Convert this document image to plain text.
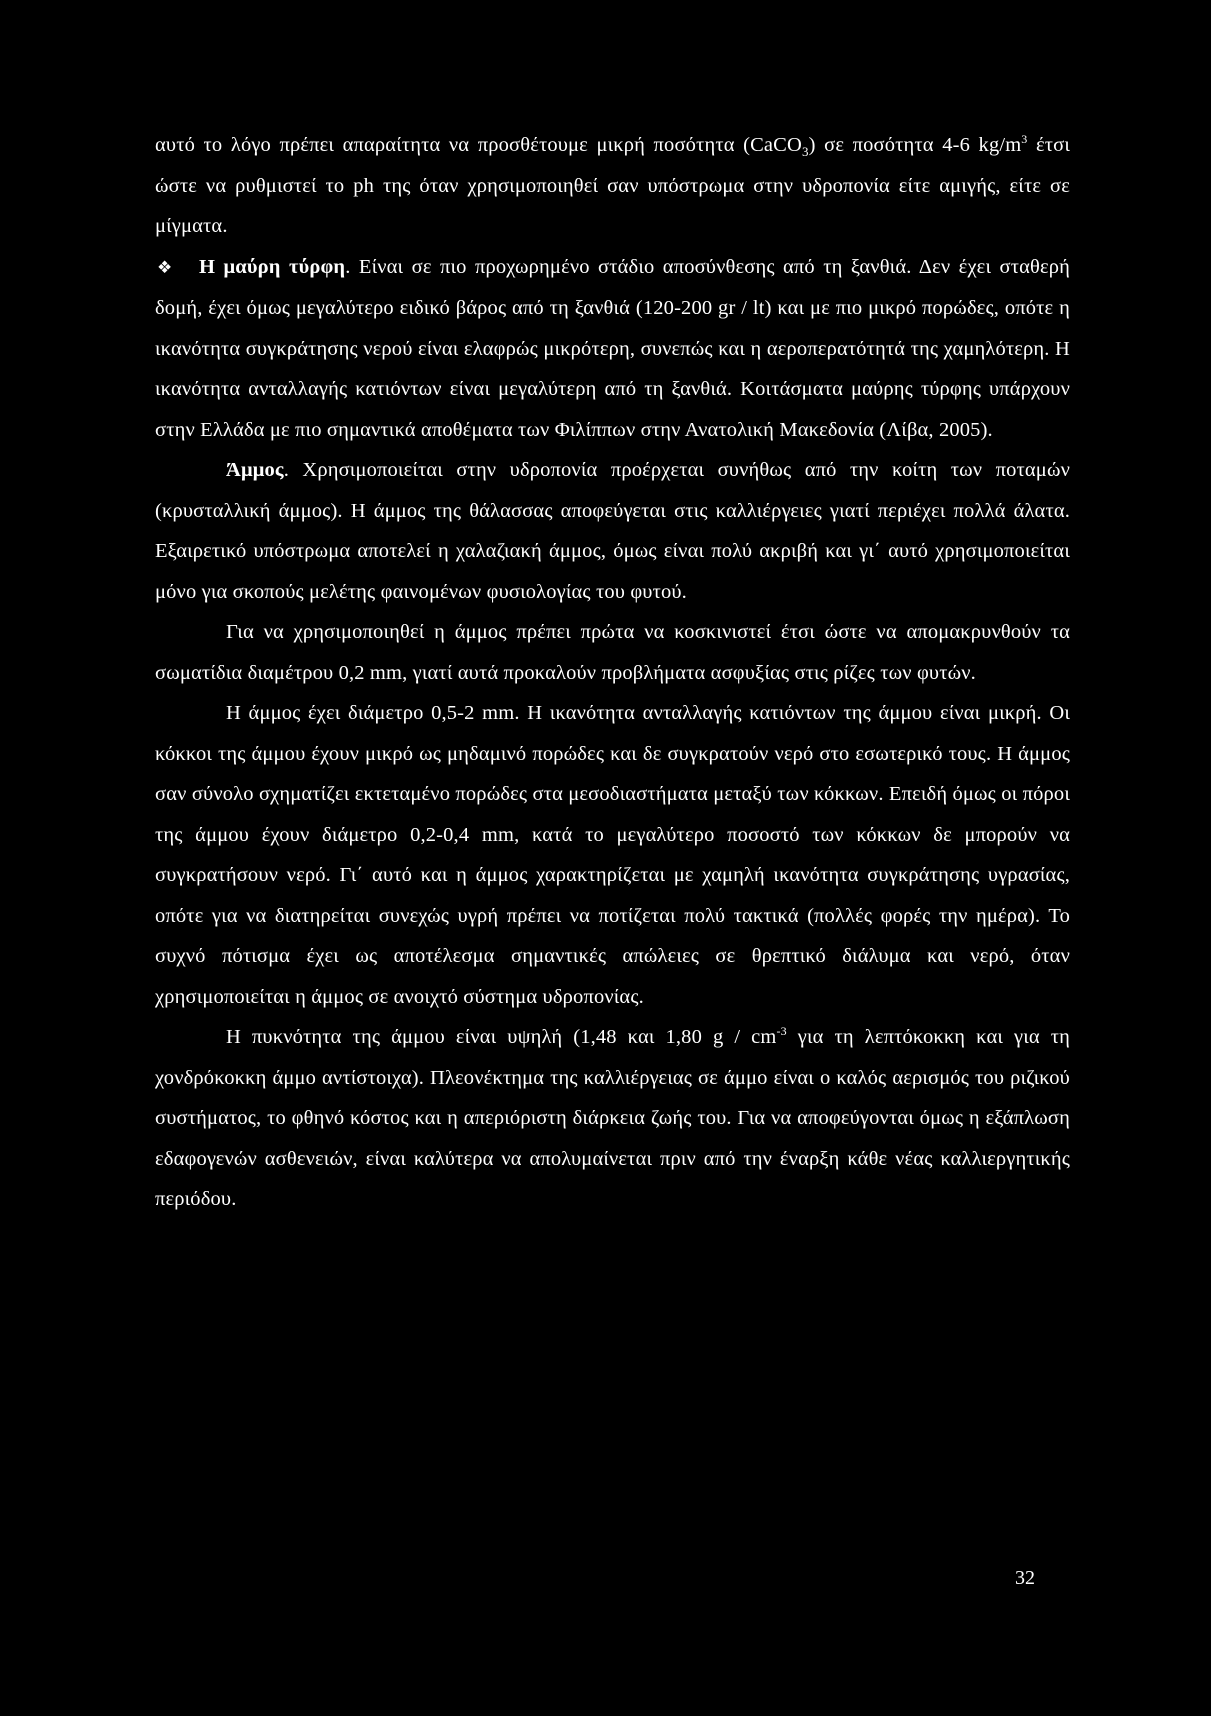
αυτό το λόγο πρέπει απαραίτητα να προσθέτουμε μικρή ποσότητα (CaCO$_3$) σε ποσότητα 4-6 $kg/m^3$ έτσι ώστε να ρυθμιστεί το ph της όταν χρησιμοποιηθεί σαν υπόστρωμα στην υδροπονία είτε αμιγής, είτε σε μίγματα.

❖ Η μαύρη τύρφη. Είναι σε πιο προχωρημένο στάδιο αποσύνθεσης από τη ξανθιά. Δεν έχει σταθερή δομή, έχει όμως μεγαλύτερο ειδικό βάρος από τη ξανθιά (120-200 gr / lt) και με πιο μικρό πορώδες, οπότε η ικανότητα συγκράτησης νερού είναι ελαφρώς μικρότερη, συνεπώς και η αεροπερατότητά της χαμηλότερη. Η ικανότητα ανταλλαγής κατιόντων είναι μεγαλύτερη από τη ξανθιά. Κοιτάσματα μαύρης τύρφης υπάρχουν στην Ελλάδα με πιο σημαντικά αποθέματα των Φιλίππων στην Ανατολική Μακεδονία (Λίβα, 2005).

Άμμος. Χρησιμοποιείται στην υδροπονία προέρχεται συνήθως από την κοίτη των ποταμών (κρυσταλλική άμμος). Η άμμος της θάλασσας αποφεύγεται στις καλλιέργειες γιατί περιέχει πολλά άλατα. Εξαιρετικό υπόστρωμα αποτελεί η χαλαζιακή άμμος, όμως είναι πολύ ακριβή και γι΄ αυτό χρησιμοποιείται μόνο για σκοπούς μελέτης φαινομένων φυσιολογίας του φυτού.

Για να χρησιμοποιηθεί η άμμος πρέπει πρώτα να κοσκινιστεί έτσι ώστε να απομακρυνθούν τα σωματίδια διαμέτρου 0,2 mm, γιατί αυτά προκαλούν προβλήματα ασφυξίας στις ρίζες των φυτών.

Η άμμος έχει διάμετρο 0,5-2 mm. Η ικανότητα ανταλλαγής κατιόντων της άμμου είναι μικρή. Οι κόκκοι της άμμου έχουν μικρό ως μηδαμινό πορώδες και δε συγκρατούν νερό στο εσωτερικό τους. Η άμμος σαν σύνολο σχηματίζει εκτεταμένο πορώδες στα μεσοδιαστήματα μεταξύ των κόκκων. Επειδή όμως οι πόροι της άμμου έχουν διάμετρο 0,2-0,4 mm, κατά το μεγαλύτερο ποσοστό των κόκκων δε μπορούν να συγκρατήσουν νερό. Γι΄ αυτό και η άμμος χαρακτηρίζεται με χαμηλή ικανότητα συγκράτησης υγρασίας, οπότε για να διατηρείται συνεχώς υγρή πρέπει να ποτίζεται πολύ τακτικά (πολλές φορές την ημέρα). Το συχνό πότισμα έχει ως αποτέλεσμα σημαντικές απώλειες σε θρεπτικό διάλυμα και νερό, όταν χρησιμοποιείται η άμμος σε ανοιχτό σύστημα υδροπονίας.

Η πυκνότητα της άμμου είναι υψηλή (1,48 και 1,80 g / $cm^{-3}$ για τη λεπτόκοκκη και για τη χονδρόκοκκη άμμο αντίστοιχα). Πλεονέκτημα της καλλιέργειας σε άμμο είναι ο καλός αερισμός του ριζικού συστήματος, το φθηνό κόστος και η απεριόριστη διάρκεια ζωής του. Για να αποφεύγονται όμως η εξάπλωση εδαφογενών ασθενειών, είναι καλύτερα να απολυμαίνεται πριν από την έναρξη κάθε νέας καλλιεργητικής περιόδου.

32
